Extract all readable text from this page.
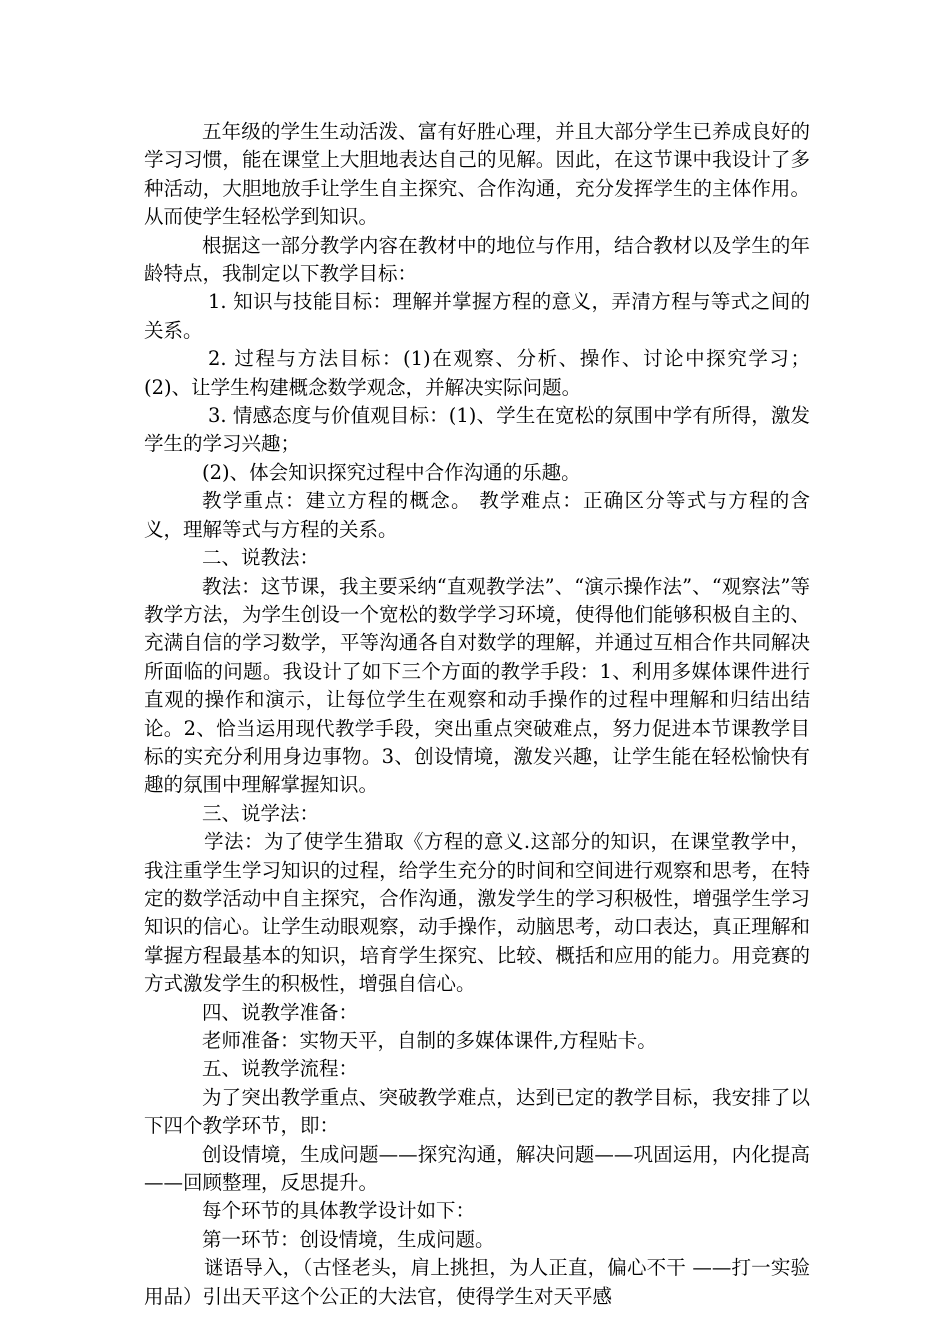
五年级的学生生动活泼、富有好胜心理，并且大部分学生已养成良好的学习习惯，能在课堂上大胆地表达自己的见解。因此，在这节课中我设计了多种活动，大胆地放手让学生自主探究、合作沟通，充分发挥学生的主体作用。从而使学生轻松学到知识。

根据这一部分教学内容在教材中的地位与作用，结合教材以及学生的年龄特点，我制定以下教学目标：

1. 知识与技能目标：理解并掌握方程的意义，弄清方程与等式之间的关系。

2. 过程与方法目标：(1)在观察、分析、操作、讨论中探究学习；(2)、让学生构建概念数学观念，并解决实际问题。

3. 情感态度与价值观目标：(1)、学生在宽松的氛围中学有所得，激发学生的学习兴趣；

(2)、体会知识探究过程中合作沟通的乐趣。

教学重点：建立方程的概念。 教学难点：正确区分等式与方程的含义，理解等式与方程的关系。

二、说教法：

教法：这节课，我主要采纳“直观教学法”、“演示操作法”、“观察法”等教学方法，为学生创设一个宽松的数学学习环境，使得他们能够积极自主的、充满自信的学习数学，平等沟通各自对数学的理解，并通过互相合作共同解决所面临的问题。我设计了如下三个方面的教学手段：1、利用多媒体课件进行直观的操作和演示，让每位学生在观察和动手操作的过程中理解和归结出结论。2、恰当运用现代教学手段，突出重点突破难点，努力促进本节课教学目标的实充分利用身边事物。3、创设情境，激发兴趣，让学生能在轻松愉快有趣的氛围中理解掌握知识。

三、说学法：

学法：为了使学生猎取《方程的意义.这部分的知识，在课堂教学中，我注重学生学习知识的过程，给学生充分的时间和空间进行观察和思考，在特定的数学活动中自主探究，合作沟通，激发学生的学习积极性，增强学生学习知识的信心。让学生动眼观察，动手操作，动脑思考，动口表达，真正理解和掌握方程最基本的知识，培育学生探究、比较、概括和应用的能力。用竞赛的方式激发学生的积极性，增强自信心。

四、说教学准备：

老师准备：实物天平，自制的多媒体课件,方程贴卡。

五、说教学流程：

为了突出教学重点、突破教学难点，达到已定的教学目标，我安排了以下四个教学环节，即：

创设情境，生成问题——探究沟通，解决问题——巩固运用，内化提高——回顾整理，反思提升。

每个环节的具体教学设计如下：

第一环节：创设情境，生成问题。

谜语导入，（古怪老头，肩上挑担，为人正直，偏心不干 ——打一实验用品）引出天平这个公正的大法官，使得学生对天平感
